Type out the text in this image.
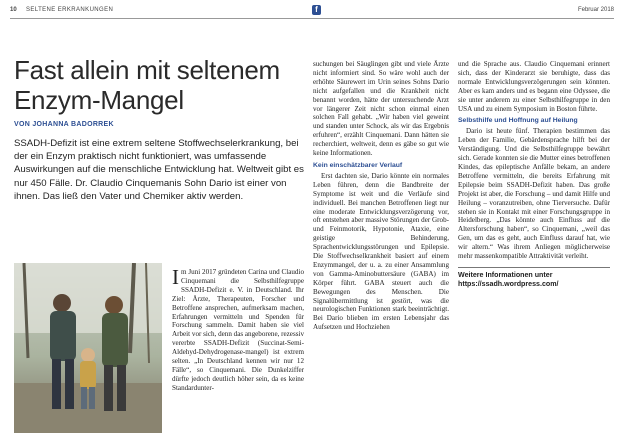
10 SELTENE ERKRANKUNGEN	f	Februar 2018
Fast allein mit seltenem Enzym-Mangel
VON JOHANNA BADORREK
SSADH-Defizit ist eine extrem seltene Stoffwechselerkrankung, bei der ein Enzym praktisch nicht funktioniert, was umfassende Auswirkungen auf die menschliche Entwicklung hat. Weltweit gibt es nur 450 Fälle. Dr. Claudio Cinquemanis Sohn Dario ist einer von ihnen. Das ließ den Vater und Chemiker aktiv werden.

Im Juni 2017 gründeten Carina und Claudio Cinquemani die Selbsthilfegruppe SSADH-Defizit e. V. in Deutschland. Ihr Ziel: Ärzte, Therapeuten, Forscher und Betroffene ansprechen, aufmerksam machen, Erfahrungen vermitteln und Spenden für Forschung sammeln. Damit haben sie viel Arbeit vor sich, denn das angeborene, rezessiv vererbte SSADH-Defizit (Succinat-Semi-Aldehyd-Dehydrogenase-mangel) ist extrem selten. „In Deutschland kennen wir nur 12 Fälle“, so Cinquemani. Die Dunkelziffer dürfte jedoch deutlich höher sein, da es keine Standardunter-

suchungen bei Säuglingen gibt und viele Ärzte nicht informiert sind. So wäre wohl auch der erhöhte Säurewert im Urin seines Sohns Dario nicht aufgefallen und die Krankheit nicht benannt worden, hätte der untersuchende Arzt vor längerer Zeit nicht schon einmal einen solchen Fall gehabt. „Wir haben viel geweint und standen unter Schock, als wir das Ergebnis erfuhren“, erzählt Cinquemani. Dann hätten sie recherchiert, weltweit, denn es gäbe so gut wie keine Informationen.

Kein einschätzbarer Verlauf

Erst dachten sie, Dario könnte ein normales Leben führen, denn die Bandbreite der Symptome ist weit und die Verläufe sind individuell. Bei manchen Betroffenen liegt nur eine moderate Entwicklungsverzögerung vor, oft entstehen aber massive Störungen der Grob- und Feinmotorik, Hypotonie, Ataxie, eine geistige Behinderung, Sprachentwicklungsstörungen und Epilepsie. Die Stoffwechselkrankheit basiert auf einem Enzymmangel, der u. a. zu einer Ansammlung von Gamma-Aminobuttersäure (GABA) im Körper führt. GABA steuert auch die Bewegungen des Menschen. Die Signalübermittlung ist gestört, was die neurologischen Funktionen stark beeinträchtigt. Bei Dario blieben im ersten Lebensjahr das Aufsetzen und Hochziehen

und die Sprache aus. Claudio Cinquemani erinnert sich, dass der Kinderarzt sie beruhigte, dass das normale Entwicklungsverzögerungen sein könnten. Aber es kam anders und es begann eine Odyssee, die sie unter anderem zu einer Selbsthilfegruppe in den USA und zu einem Symposium in Boston führte.

Selbsthilfe und Hoffnung auf Heilung

Dario ist heute fünf. Therapien bestimmen das Leben der Familie, Gebärdensprache hilft bei der Verständigung. Und die Selbsthilfegruppe bewährt sich. Gerade konnten sie die Mutter eines betroffenen Kindes, das epileptische Anfälle bekam, an andere Betroffene vermitteln, die bereits Erfahrung mit Epilepsie beim SSADH-Defizit haben. Das große Projekt ist aber, die Forschung – und damit Hilfe und Heilung – voranzutreiben, ohne Tierversuche. Dafür stehen sie in Kontakt mit einer Forschungsgruppe in Heidelberg. „Das könnte auch Einfluss auf die Altersforschung haben“, so Cinquemani, „weil das Gen, um das es geht, auch Einfluss darauf hat, wie wir altern.“ Was ihrem Anliegen möglicherweise mehr massenkompatible Attraktivität verleiht.

Weitere Informationen unter
https://ssadh.wordpress.com/
